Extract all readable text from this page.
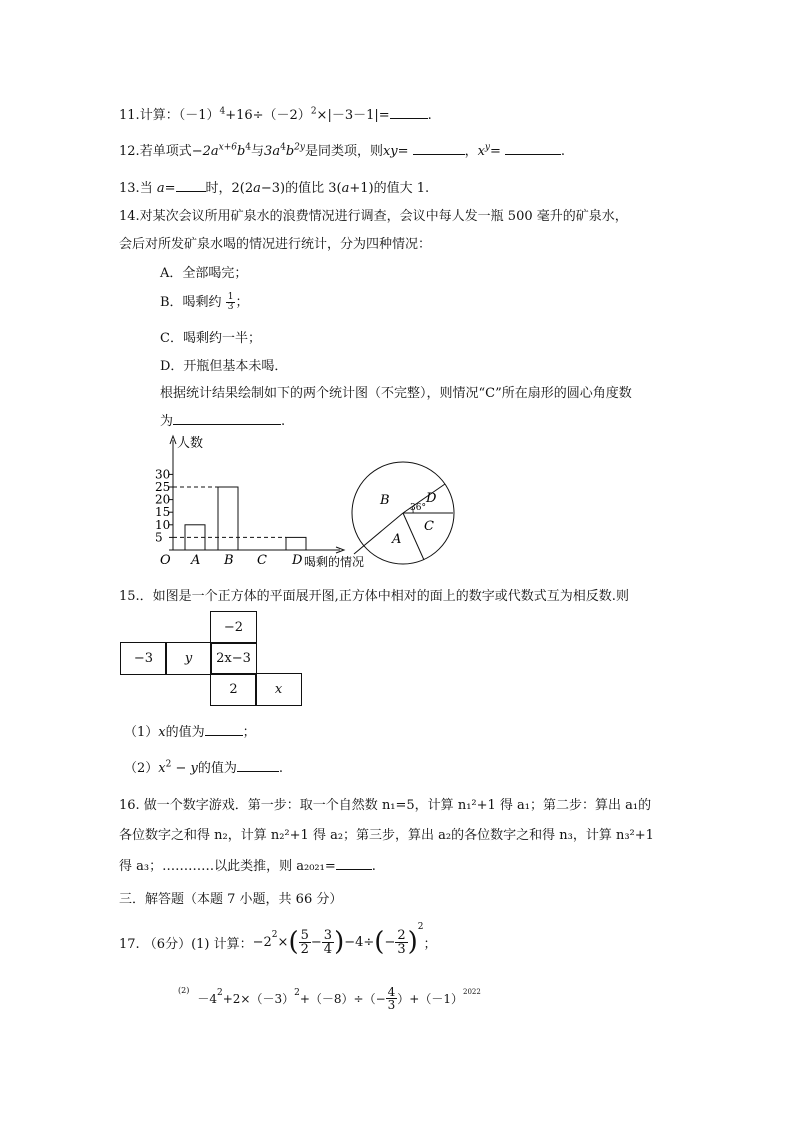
11.计算：$(-1)^4+16\div(-2)^2\times|-3-1|=$	.
12.若单项式$-2a^{x+6}b^4$与$3a^4b^{2y}$是同类项，则xy=	，$x^y=$	.
13.当 a= 时，2(2a−3)的值比 3(a+1)的值大 1.
14.对某次会议所用矿泉水的浪费情况进行调查，会议中每人发一瓶 500 毫升的矿泉水，
会后对所发矿泉水喝的情况进行统计，分为四种情况：
A．全部喝完；
B．喝剩约 $\frac{1}{3}$ ；
C．喝剩约一半；
D．开瓶但基本未喝．
根据统计结果绘制如下的两个统计图（不完整），则情况“C”所在扇形的圆心角度数
为	.
人数
喝剩的情况
O
5
10
15
20
25
30
A B C D
B	D
C
A
36°
15.．如图是一个正方体的平面展开图,正方体中相对的面上的数字或代数式互为相反数.则
−2
−3	y	2x−3
2	x
（1）x的值为	；
$(2)x^2 - y$的值为	.
16. 做一个数字游戏．第一步：取一个自然数 n₁=5，计算 n₁²+1 得 a₁；第二步：算出 a₁的
各位数字之和得 n₂，计算 n₂²+1 得 a₂；第三步，算出 a₂的各位数字之和得 n₃，计算 n₃²+1
得 a₃；…………以此类推，则 a₂₀₂₁=	.
三．解答题（本题 7 小题，共 66 分）
17. （6分）(1) 计算： $-2^2$ × ( $\frac{5}{2} - \frac{3}{4}$ ) −4÷ ( − $\frac{2}{3} )^2$
；
(2)
$-4^2 +2\times(-3)^2 +(-8)\div(- \frac{4}{3} )+(-1)^{2022}$
